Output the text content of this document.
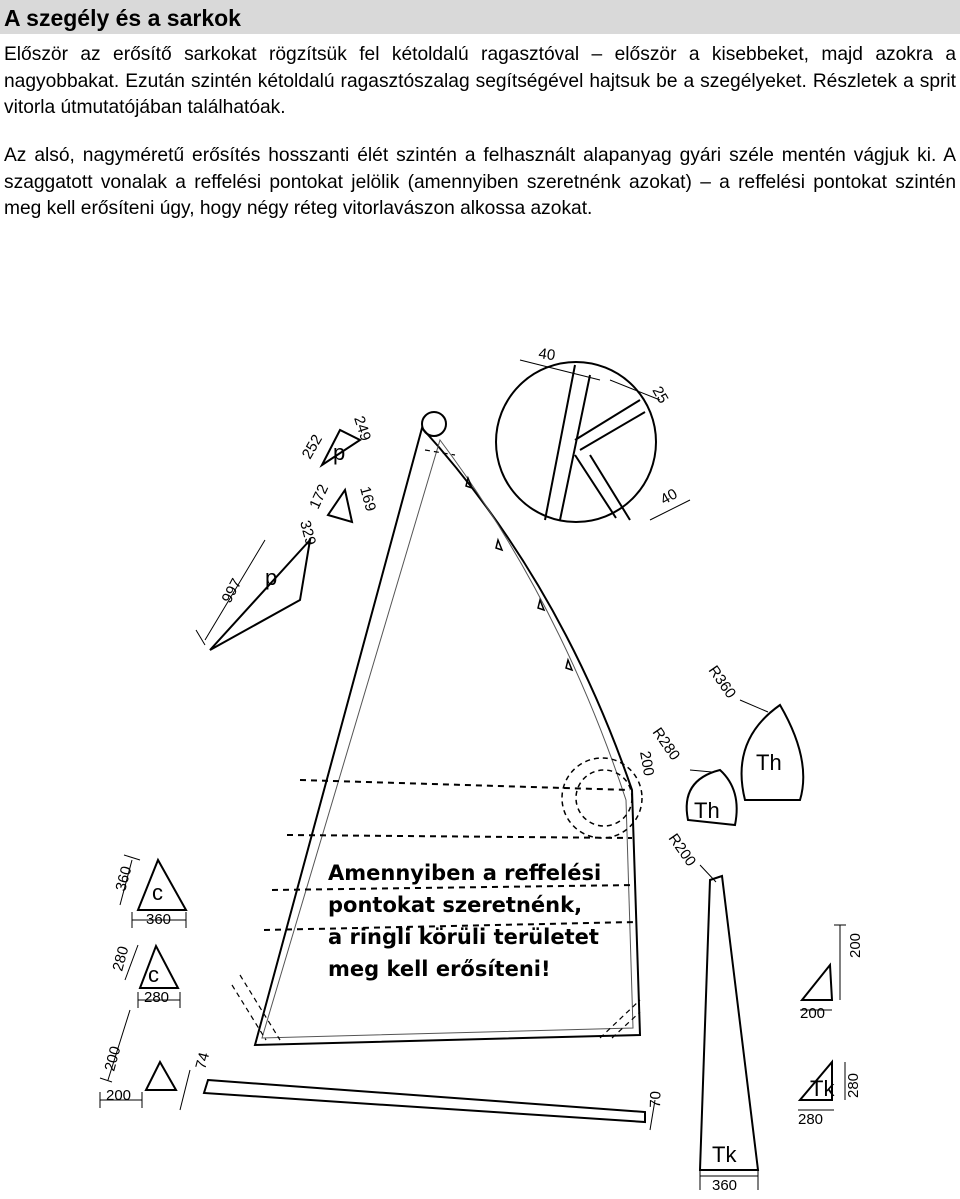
A szegély és a sarkok

Először az erősítő sarkokat rögzítsük fel kétoldalú ragasztóval – először a kisebbeket, majd azokra a nagyobbakat. Ezután szintén kétoldalú ragasztószalag segítségével hajtsuk be a szegélyeket. Részletek a sprit vitorla útmutatójában találhatóak.

Az alsó, nagyméretű erősítés hosszanti élét szintén a felhasznált alapanyag gyári széle mentén vágjuk ki. A szaggatott vonalak a reffelési pontokat jelölik (amennyiben szeretnénk azokat) – a reffelési pontokat szintén meg kell erősíteni úgy, hogy négy réteg vitorlavászon alkossa azokat.

p
p
Th
Th
Tk
Tk
c
c
252
249
172 169
329
997
40
25
40
R360
R280
200
R200
360
360
280
280
200
200
74
70
200
200
280
280
360
Amennyiben a reffelési
pontokat szeretnénk,
a ringli körüli területet
meg kell erősíteni!
